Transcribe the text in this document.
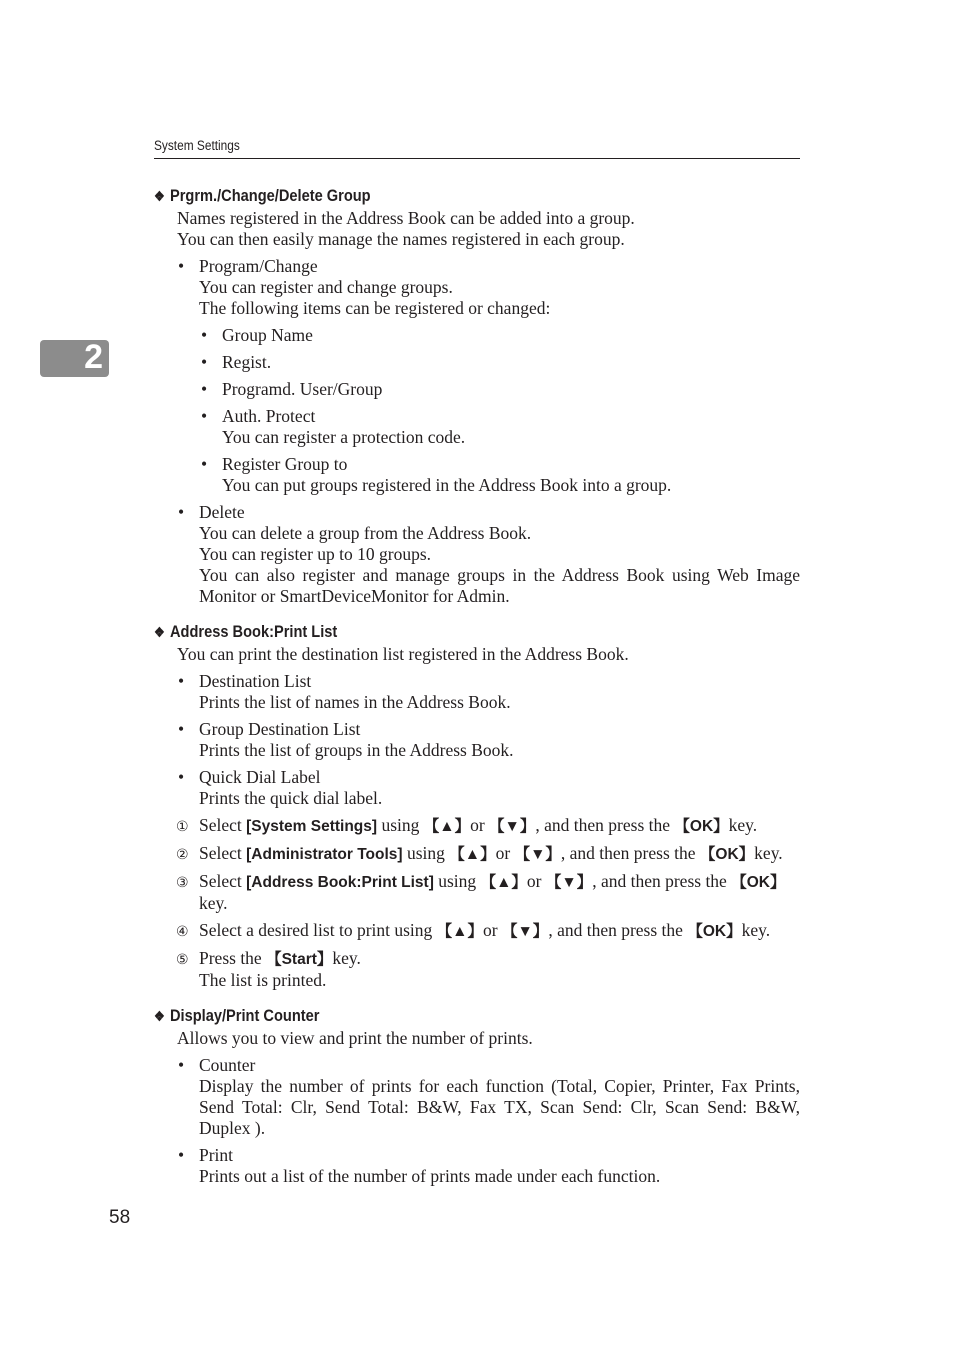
System Settings
2
❖ Prgrm./Change/Delete Group
Names registered in the Address Book can be added into a group.
You can then easily manage the names registered in each group.
• Program/Change
You can register and change groups.
The following items can be registered or changed:
• Group Name
• Regist.
• Programd. User/Group
• Auth. Protect
You can register a protection code.
• Register Group to
You can put groups registered in the Address Book into a group.
• Delete
You can delete a group from the Address Book.
You can register up to 10 groups.
You can also register and manage groups in the Address Book using Web Image Monitor or SmartDeviceMonitor for Admin.
❖ Address Book:Print List
You can print the destination list registered in the Address Book.
• Destination List
Prints the list of names in the Address Book.
• Group Destination List
Prints the list of groups in the Address Book.
• Quick Dial Label
Prints the quick dial label.
① Select [System Settings] using 【▲】or 【▼】, and then press the 【OK】key.
② Select [Administrator Tools] using 【▲】or 【▼】, and then press the 【OK】key.
③ Select [Address Book:Print List] using 【▲】or 【▼】, and then press the 【OK】
key.
④ Select a desired list to print using 【▲】or 【▼】, and then press the 【OK】key.
⑤ Press the 【Start】key.
The list is printed.
❖ Display/Print Counter
Allows you to view and print the number of prints.
• Counter
Display the number of prints for each function (Total, Copier, Printer, Fax Prints, Send Total: Clr, Send Total: B&W, Fax TX, Scan Send: Clr, Scan Send: B&W, Duplex ).
• Print
Prints out a list of the number of prints made under each function.
58
